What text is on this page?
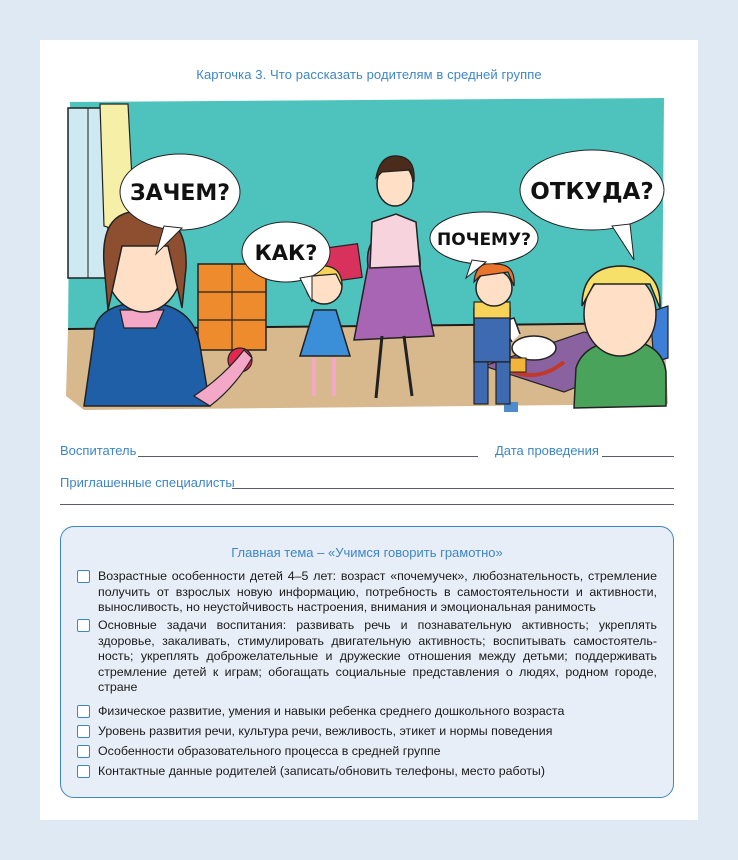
Карточка 3. Что рассказать родителям в средней группе
ЗАЧЕМ?
КАК?
ПОЧЕМУ?
ОТКУДА?
Воспитатель	Дата проведения
Приглашенные специалисты
Главная тема – «Учимся говорить грамотно»
Возрастные особенности детей 4–5 лет: возраст «почемучек», любознательность, стремление получить от взрослых новую информацию, потребность в самостоятельности и активности, выносливость, но неустойчивость настроения, внимания и эмоциональная ранимость
Основные задачи воспитания: развивать речь и познавательную активность; укреплять здоровье, закаливать, стимулировать двигательную активность; воспитывать самостоятельность; укреплять доброжелательные и дружеские отношения между детьми; поддерживать стремление детей к играм; обогащать социальные представления о людях, родном городе, стране
Физическое развитие, умения и навыки ребенка среднего дошкольного возраста
Уровень развития речи, культура речи, вежливость, этикет и нормы поведения
Особенности образовательного процесса в средней группе
Контактные данные родителей (записать/обновить телефоны, место работы)
